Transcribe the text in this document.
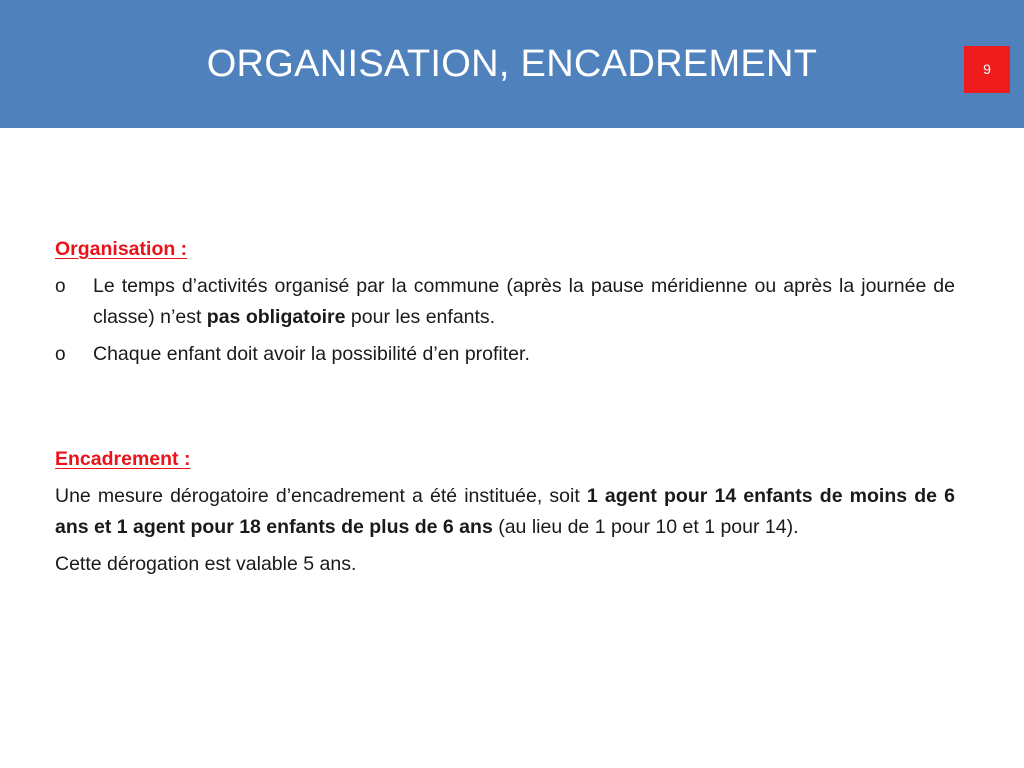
ORGANISATION, ENCADREMENT	9

Organisation :

o Le temps d’activités organisé par la commune (après la pause méridienne ou après la journée de classe) n’est pas obligatoire pour les enfants.
o Chaque enfant doit avoir la possibilité d’en profiter.

Encadrement :

Une mesure dérogatoire d’encadrement a été instituée, soit 1 agent pour 14 enfants de moins de 6 ans et 1 agent pour 18 enfants de plus de 6 ans (au lieu de 1 pour 10 et 1 pour 14).

Cette dérogation est valable 5 ans.
